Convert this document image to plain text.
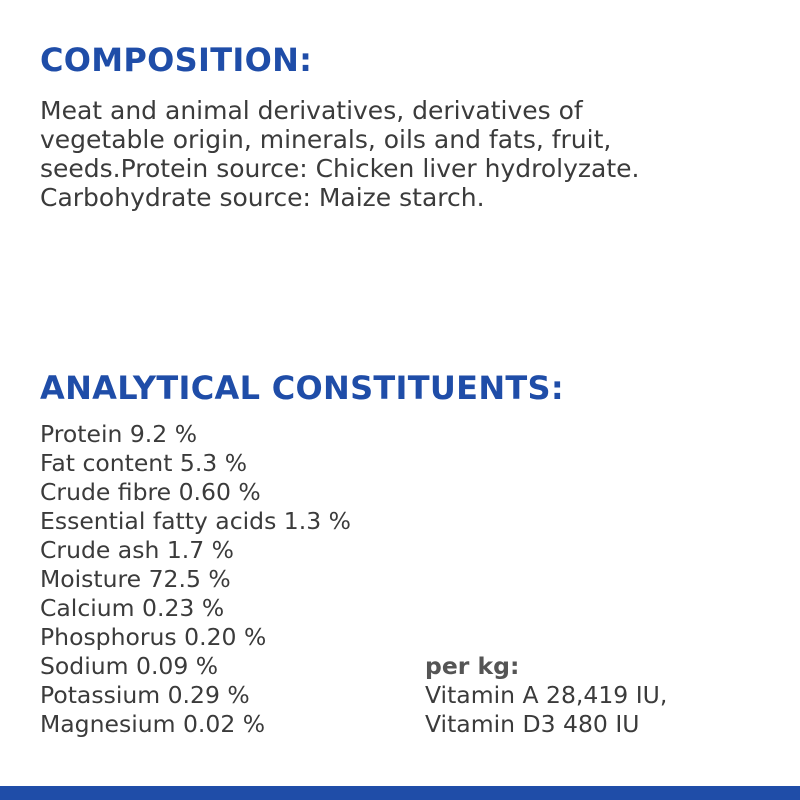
COMPOSITION:

Meat and animal derivatives, derivatives of
vegetable origin, minerals, oils and fats, fruit,
seeds.Protein source: Chicken liver hydrolyzate.
Carbohydrate source: Maize starch.

ANALYTICAL CONSTITUENTS:
Protein 9.2 %
Fat content 5.3 %
Crude fibre 0.60 %
Essential fatty acids 1.3 %
Crude ash 1.7 %
Moisture 72.5 %
Calcium 0.23 %
Phosphorus 0.20 %
Sodium 0.09 %
Potassium 0.29 %
Magnesium 0.02 %
per kg:
Vitamin A 28,419 IU,
Vitamin D3 480 IU
